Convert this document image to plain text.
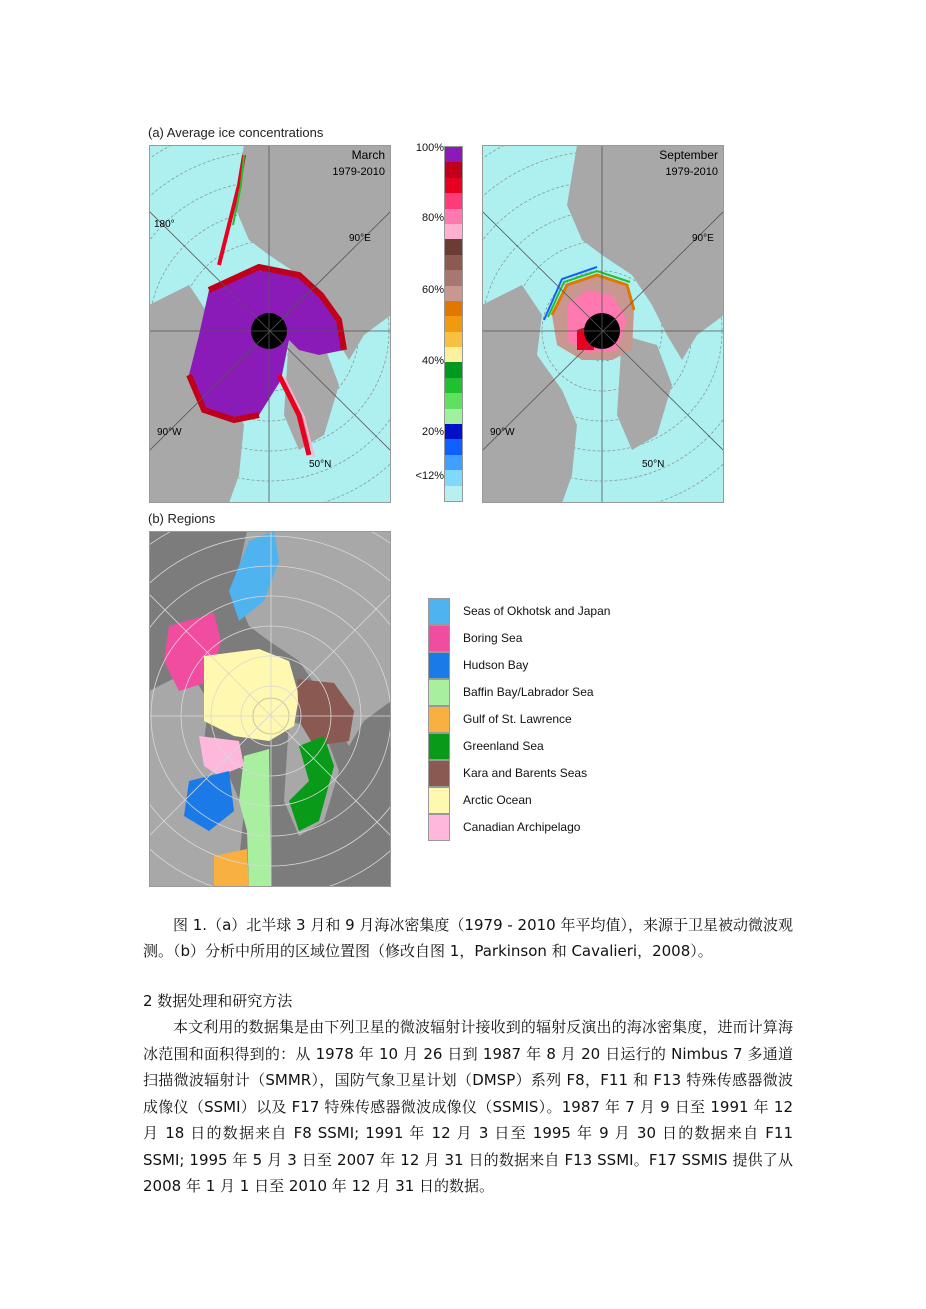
(a) Average ice concentrations
March
1979-2010
90°E
180°
90°W
50°N
100%
80%
60%
40%
20%
<12%
September
1979-2010
90°E
90°W
50°N
(b) Regions
Seas of Okhotsk and Japan
Boring Sea
Hudson Bay
Baffin Bay/Labrador Sea
Gulf of St. Lawrence
Greenland Sea
Kara and Barents Seas
Arctic Ocean
Canadian Archipelago
图 1.（a）北半球 3 月和 9 月海冰密集度（1979 - 2010 年平均值），来源于卫星被动微波观测。（b）分析中所用的区域位置图（修改自图 1，Parkinson 和 Cavalieri，2008）。
2 数据处理和研究方法
本文利用的数据集是由下列卫星的微波辐射计接收到的辐射反演出的海冰密集度，进而计算海冰范围和面积得到的：从 1978 年 10 月 26 日到 1987 年 8 月 20 日运行的 Nimbus 7 多通道扫描微波辐射计（SMMR），国防气象卫星计划（DMSP）系列 F8，F11 和 F13 特殊传感器微波成像仪（SSMI）以及 F17 特殊传感器微波成像仪（SSMIS）。1987 年 7 月 9 日至 1991 年 12 月 18 日的数据来自 F8 SSMI; 1991 年 12 月 3 日至 1995 年 9 月 30 日的数据来自 F11 SSMI; 1995 年 5 月 3 日至 2007 年 12 月 31 日的数据来自 F13 SSMI。F17 SSMIS 提供了从 2008 年 1 月 1 日至 2010 年 12 月 31 日的数据。
